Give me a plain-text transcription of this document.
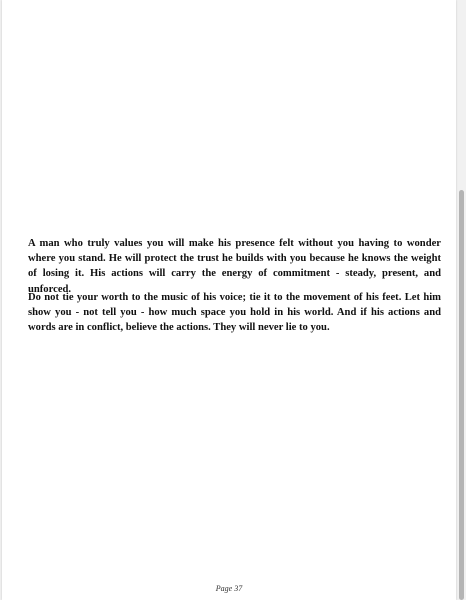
A man who truly values you will make his presence felt without you having to wonder where you stand. He will protect the trust he builds with you because he knows the weight of losing it. His actions will carry the energy of commitment - steady, present, and unforced.

Do not tie your worth to the music of his voice; tie it to the movement of his feet. Let him show you - not tell you - how much space you hold in his world. And if his actions and words are in conflict, believe the actions. They will never lie to you.

Page 37
